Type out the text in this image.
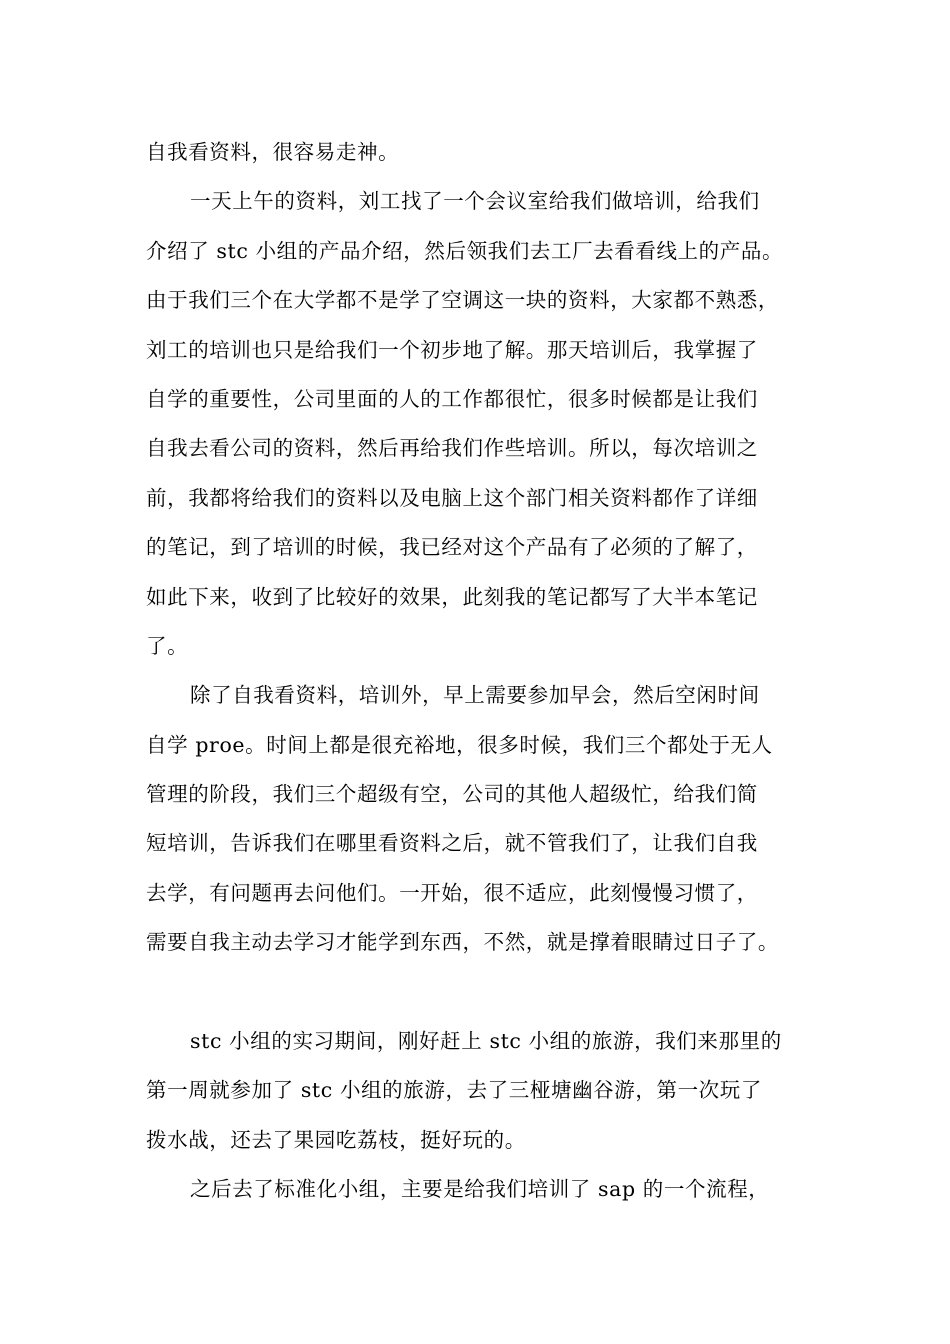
自我看资料，很容易走神。
一天上午的资料，刘工找了一个会议室给我们做培训，给我们
介绍了 stc 小组的产品介绍，然后领我们去工厂去看看线上的产品。
由于我们三个在大学都不是学了空调这一块的资料，大家都不熟悉，
刘工的培训也只是给我们一个初步地了解。那天培训后，我掌握了
自学的重要性，公司里面的人的工作都很忙，很多时候都是让我们
自我去看公司的资料，然后再给我们作些培训。所以，每次培训之
前，我都将给我们的资料以及电脑上这个部门相关资料都作了详细
的笔记，到了培训的时候，我已经对这个产品有了必须的了解了，
如此下来，收到了比较好的效果，此刻我的笔记都写了大半本笔记
了。
除了自我看资料，培训外，早上需要参加早会，然后空闲时间
自学 proe。时间上都是很充裕地，很多时候，我们三个都处于无人
管理的阶段，我们三个超级有空，公司的其他人超级忙，给我们简
短培训，告诉我们在哪里看资料之后，就不管我们了，让我们自我
去学，有问题再去问他们。一开始，很不适应，此刻慢慢习惯了，
需要自我主动去学习才能学到东西，不然，就是撑着眼睛过日子了。
stc 小组的实习期间，刚好赶上 stc 小组的旅游，我们来那里的
第一周就参加了 stc 小组的旅游，去了三桠塘幽谷游，第一次玩了
拨水战，还去了果园吃荔枝，挺好玩的。
之后去了标准化小组，主要是给我们培训了 sap 的一个流程，
